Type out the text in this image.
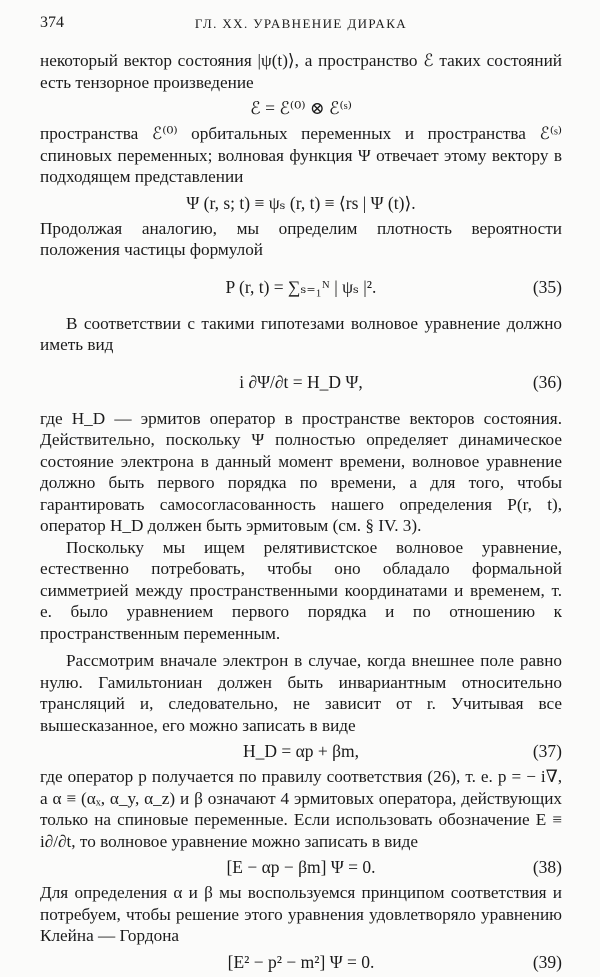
374	ГЛ. XX. УРАВНЕНИЕ ДИРАКА

некоторый вектор состояния |ψ(t)⟩, а пространство ℰ таких состояний есть тензорное произведение

ℰ = ℰ⁽⁰⁾ ⊗ ℰ⁽ˢ⁾

пространства ℰ⁽⁰⁾ орбитальных переменных и пространства ℰ⁽ˢ⁾ спиновых переменных; волновая функция Ψ отвечает этому вектору в подходящем представлении

Ψ (r, s; t) ≡ ψₛ (r, t) ≡ ⟨rs | Ψ (t)⟩.

Продолжая аналогию, мы определим плотность вероятности положения частицы формулой

P (r, t) = ∑ₛ₌₁ᴺ | ψₛ |².	(35)

В соответствии с такими гипотезами волновое уравнение должно иметь вид

i ∂Ψ/∂t = H_D Ψ,	(36)

где H_D — эрмитов оператор в пространстве векторов состояния. Действительно, поскольку Ψ полностью определяет динамическое состояние электрона в данный момент времени, волновое уравнение должно быть первого порядка по времени, а для того, чтобы гарантировать самосогласованность нашего определения P(r, t), оператор H_D должен быть эрмитовым (см. § IV. 3).

Поскольку мы ищем релятивистское волновое уравнение, естественно потребовать, чтобы оно обладало формальной симметрией между пространственными координатами и временем, т. е. было уравнением первого порядка и по отношению к пространственным переменным.

Рассмотрим вначале электрон в случае, когда внешнее поле равно нулю. Гамильтониан должен быть инвариантным относительно трансляций и, следовательно, не зависит от r. Учитывая все вышесказанное, его можно записать в виде

H_D = αp + βm,	(37)

где оператор p получается по правилу соответствия (26), т. е. p = − i∇, а α ≡ (αₓ, α_y, α_z) и β означают 4 эрмитовых оператора, действующих только на спиновые переменные. Если использовать обозначение E ≡ i∂/∂t, то волновое уравнение можно записать в виде

[E − αp − βm] Ψ = 0.	(38)

Для определения α и β мы воспользуемся принципом соответствия и потребуем, чтобы решение этого уравнения удовлетворяло уравнению Клейна — Гордона

[E² − p² − m²] Ψ = 0.	(39)
